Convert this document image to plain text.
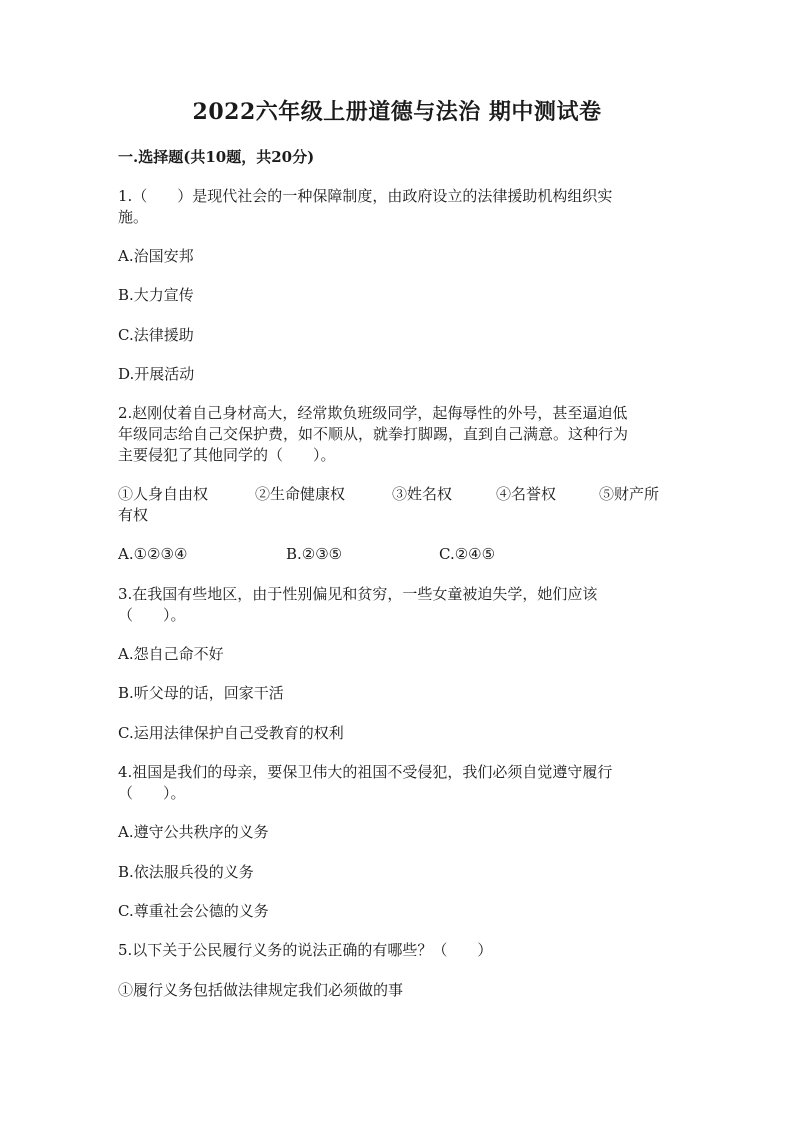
2022六年级上册道德与法治 期中测试卷
一.选择题(共10题，共20分)
1.（　　）是现代社会的一种保障制度，由政府设立的法律援助机构组织实
施。
A.治国安邦
B.大力宣传
C.法律援助
D.开展活动
2.赵刚仗着自己身材高大，经常欺负班级同学，起侮辱性的外号，甚至逼迫低
年级同志给自己交保护费，如不顺从，就拳打脚踢，直到自己满意。这种行为
主要侵犯了其他同学的（　　）。
①人身自由权	②生命健康权	③姓名权	④名誉权	⑤财产所
有权
A.①②③④	B.②③⑤	C.②④⑤
3.在我国有些地区，由于性别偏见和贫穷，一些女童被迫失学，她们应该
（　　）。
A.怨自己命不好
B.听父母的话，回家干活
C.运用法律保护自己受教育的权利
4.祖国是我们的母亲，要保卫伟大的祖国不受侵犯，我们必须自觉遵守履行
（　　）。
A.遵守公共秩序的义务
B.依法服兵役的义务
C.尊重社会公德的义务
5.以下关于公民履行义务的说法正确的有哪些？（　　）
①履行义务包括做法律规定我们必须做的事
